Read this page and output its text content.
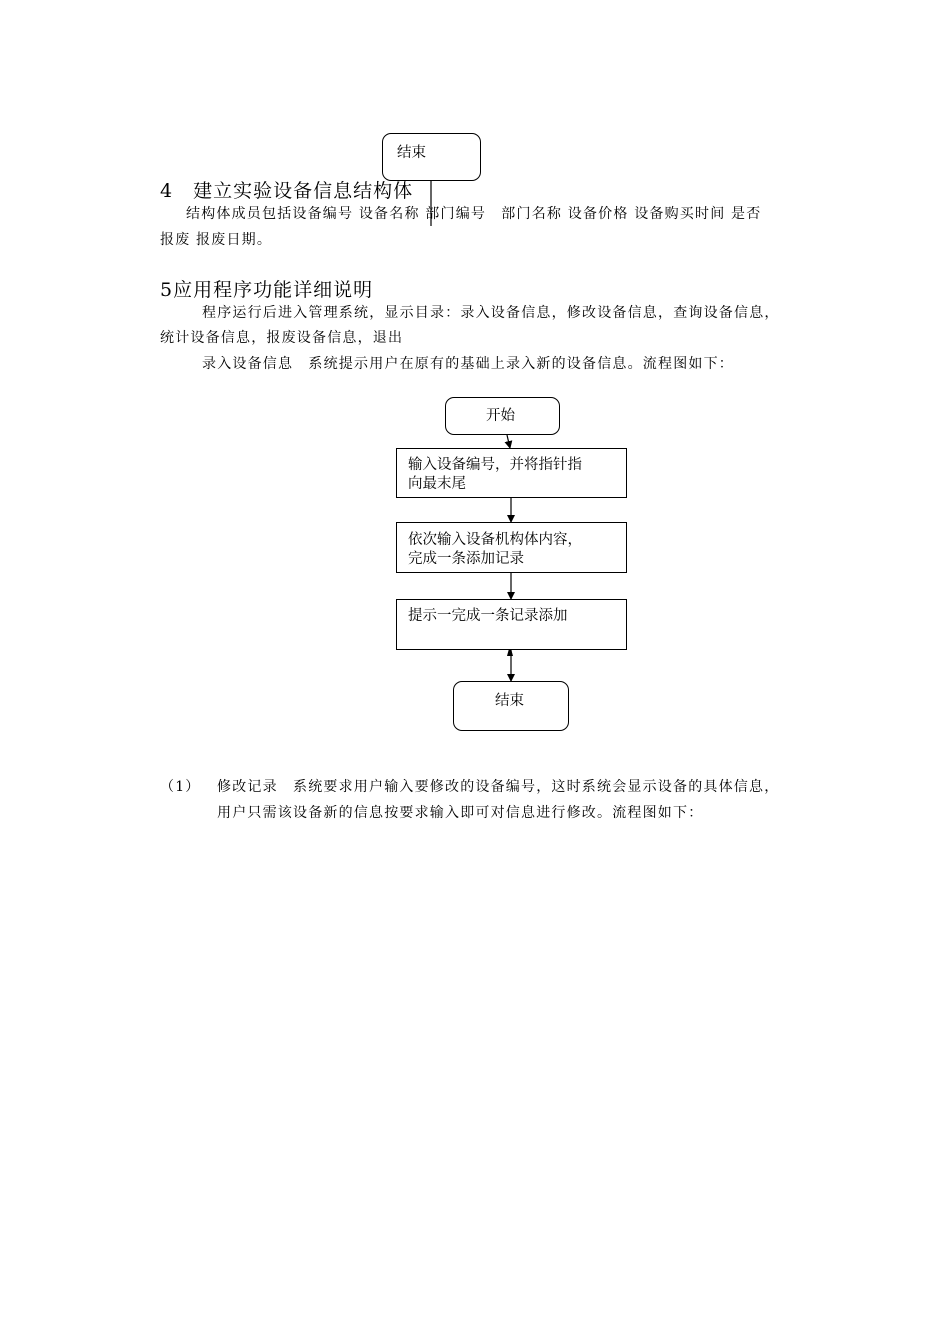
结束
4　建立实验设备信息结构体
结构体成员包括设备编号 设备名称 部门编号　部门名称 设备价格 设备购买时间 是否
报废 报废日期。
5应用程序功能详细说明
程序运行后进入管理系统，显示目录：录入设备信息，修改设备信息，查询设备信息，
统计设备信息，报废设备信息，退出
录入设备信息　系统提示用户在原有的基础上录入新的设备信息。流程图如下：
开始
输入设备编号，并将指针指
向最末尾
依次输入设备机构体内容，
完成一条添加记录
提示一完成一条记录添加
结束
（1） 修改记录　系统要求用户输入要修改的设备编号，这时系统会显示设备的具体信息，
用户只需该设备新的信息按要求输入即可对信息进行修改。流程图如下：
